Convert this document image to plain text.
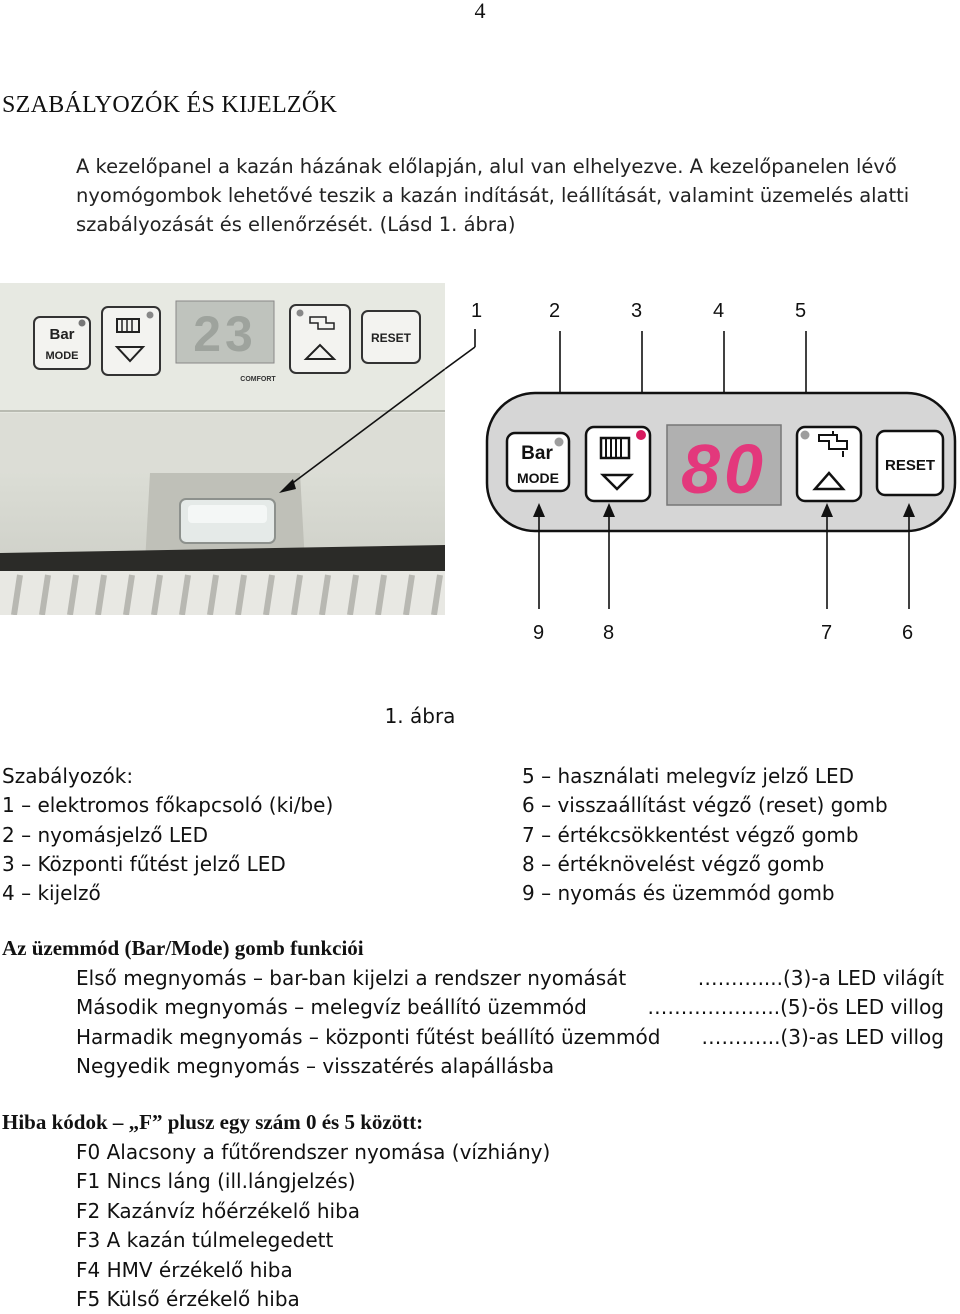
4
SZABÁLYOZÓK ÉS KIJELZŐK

A kezelőpanel a kazán házának előlapján, alul van elhelyezve. A kezelőpanelen lévő

nyomógombok lehetővé teszik a kazán indítását, leállítását, valamint üzemelés alatti

szabályozását és ellenőrzését. (Lásd 1. ábra)

Bar
MODE 23
COMFORT
RESET
1	2	3	4	5
Bar
MODE 80	RESET
9	8	7	6
1. ábra
Szabályozók:
1 – elektromos főkapcsoló (ki/be)
2 – nyomásjelző LED
3 – Központi fűtést jelző LED
4 – kijelző
5 – használati melegvíz jelző LED
6 – visszaállítást végző (reset) gomb
7 – értékcsökkentést végző gomb
8 – értéknövelést végző gomb
9 – nyomás és üzemmód gomb
Az üzemmód (Bar/Mode) gomb funkciói
Első megnyomás – bar-ban kijelzi a rendszer nyomását	………....(3)-a LED világít
Második megnyomás – melegvíz beállító üzemmód	………………..(5)-ös LED villog
Harmadik megnyomás – központi fűtést beállító üzemmód	………...(3)-as LED villog
Negyedik megnyomás – visszatérés alapállásba
Hiba kódok – „F” plusz egy szám 0 és 5 között:
F0 Alacsony a fűtőrendszer nyomása (vízhiány)
F1 Nincs láng (ill.lángjelzés)
F2 Kazánvíz hőérzékelő hiba
F3 A kazán túlmelegedett
F4 HMV érzékelő hiba
F5 Külső érzékelő hiba
